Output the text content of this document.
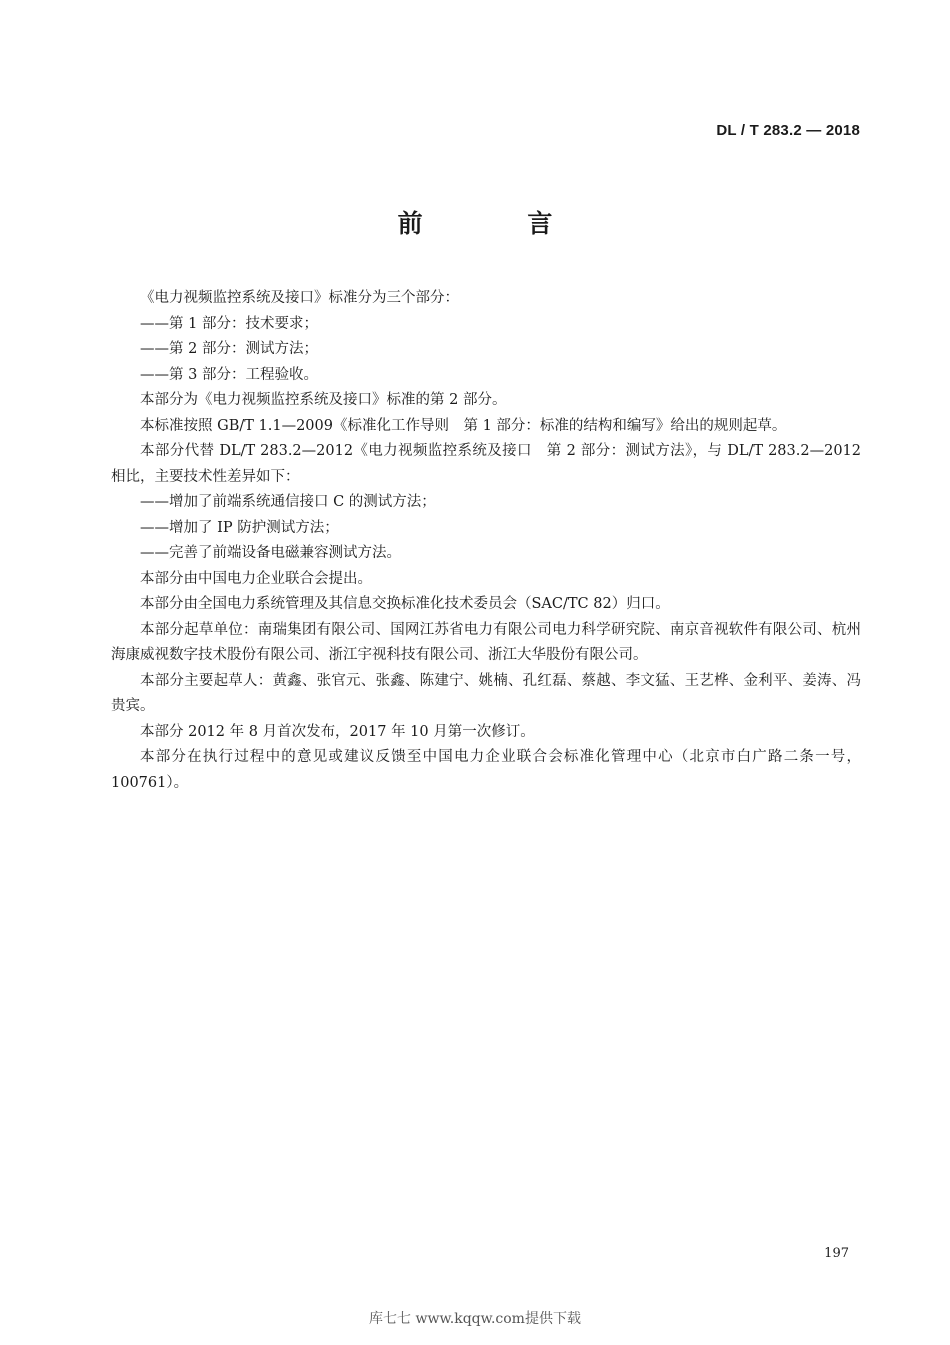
DL / T 283.2 — 2018
前 言

《电力视频监控系统及接口》标准分为三个部分：

——第 1 部分：技术要求；

——第 2 部分：测试方法；

——第 3 部分：工程验收。

本部分为《电力视频监控系统及接口》标准的第 2 部分。

本标准按照 GB/T 1.1—2009《标准化工作导则　第 1 部分：标准的结构和编写》给出的规则起草。

本部分代替 DL/T 283.2—2012《电力视频监控系统及接口　第 2 部分：测试方法》，与 DL/T 283.2—2012 相比，主要技术性差异如下：

——增加了前端系统通信接口 C 的测试方法；

——增加了 IP 防护测试方法；

——完善了前端设备电磁兼容测试方法。

本部分由中国电力企业联合会提出。

本部分由全国电力系统管理及其信息交换标准化技术委员会（SAC/TC 82）归口。

本部分起草单位：南瑞集团有限公司、国网江苏省电力有限公司电力科学研究院、南京音视软件有限公司、杭州海康威视数字技术股份有限公司、浙江宇视科技有限公司、浙江大华股份有限公司。

本部分主要起草人：黄鑫、张官元、张鑫、陈建宁、姚楠、孔红磊、蔡越、李文猛、王艺桦、金利平、姜涛、冯贵宾。

本部分 2012 年 8 月首次发布，2017 年 10 月第一次修订。

本部分在执行过程中的意见或建议反馈至中国电力企业联合会标准化管理中心（北京市白广路二条一号，100761）。

197
库七七 www.kqqw.com提供下载
